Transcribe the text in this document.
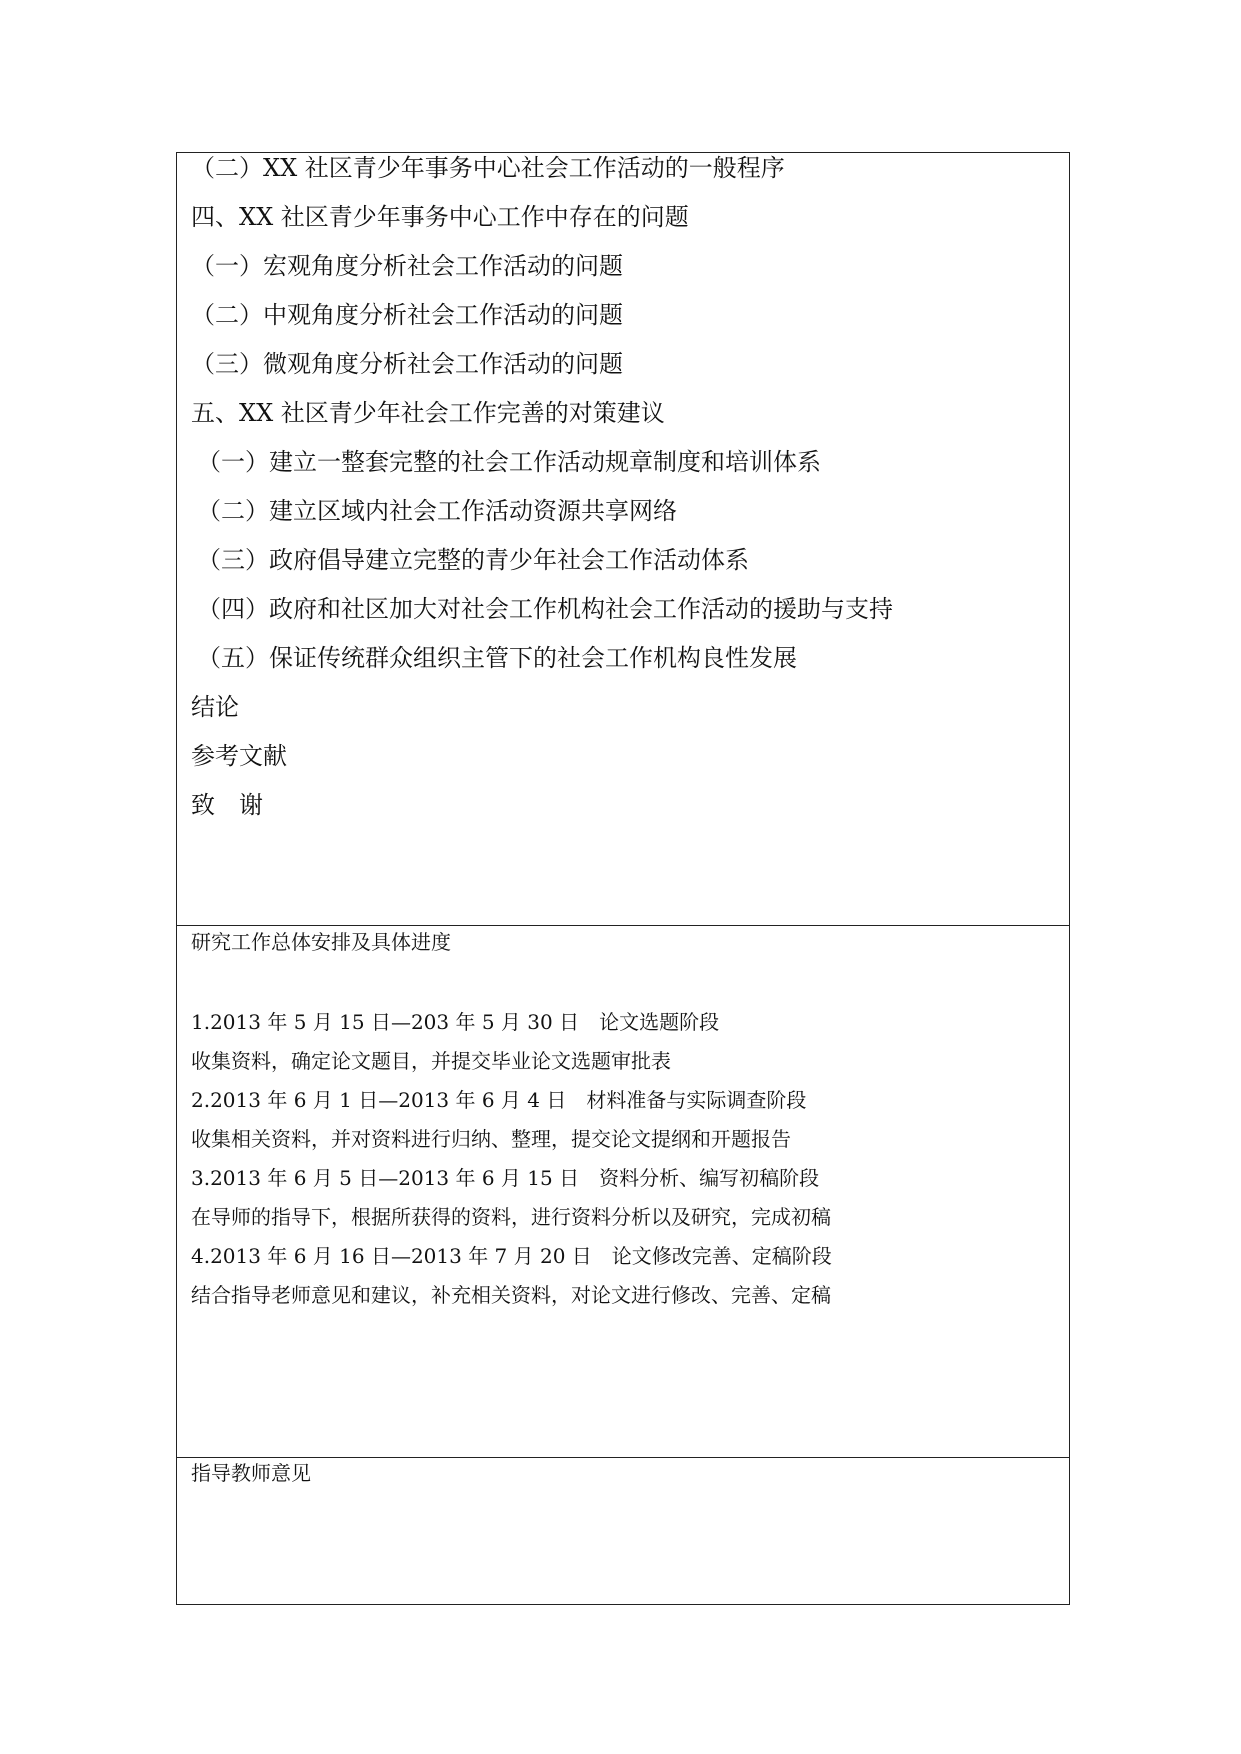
（二）XX 社区青少年事务中心社会工作活动的一般程序
四、XX 社区青少年事务中心工作中存在的问题
（一）宏观角度分析社会工作活动的问题
（二）中观角度分析社会工作活动的问题
（三）微观角度分析社会工作活动的问题
五、XX 社区青少年社会工作完善的对策建议
（一）建立一整套完整的社会工作活动规章制度和培训体系
（二）建立区域内社会工作活动资源共享网络
（三）政府倡导建立完整的青少年社会工作活动体系
（四）政府和社区加大对社会工作机构社会工作活动的援助与支持
（五）保证传统群众组织主管下的社会工作机构良性发展
结论
参考文献
致　谢
研究工作总体安排及具体进度
1.2013 年 5 月 15 日—203 年 5 月 30 日　论文选题阶段
收集资料，确定论文题目，并提交毕业论文选题审批表
2.2013 年 6 月 1 日—2013 年 6 月 4 日　材料准备与实际调查阶段
收集相关资料，并对资料进行归纳、整理，提交论文提纲和开题报告
3.2013 年 6 月 5 日—2013 年 6 月 15 日　资料分析、编写初稿阶段
在导师的指导下，根据所获得的资料，进行资料分析以及研究，完成初稿
4.2013 年 6 月 16 日—2013 年 7 月 20 日　论文修改完善、定稿阶段
结合指导老师意见和建议，补充相关资料，对论文进行修改、完善、定稿
指导教师意见
